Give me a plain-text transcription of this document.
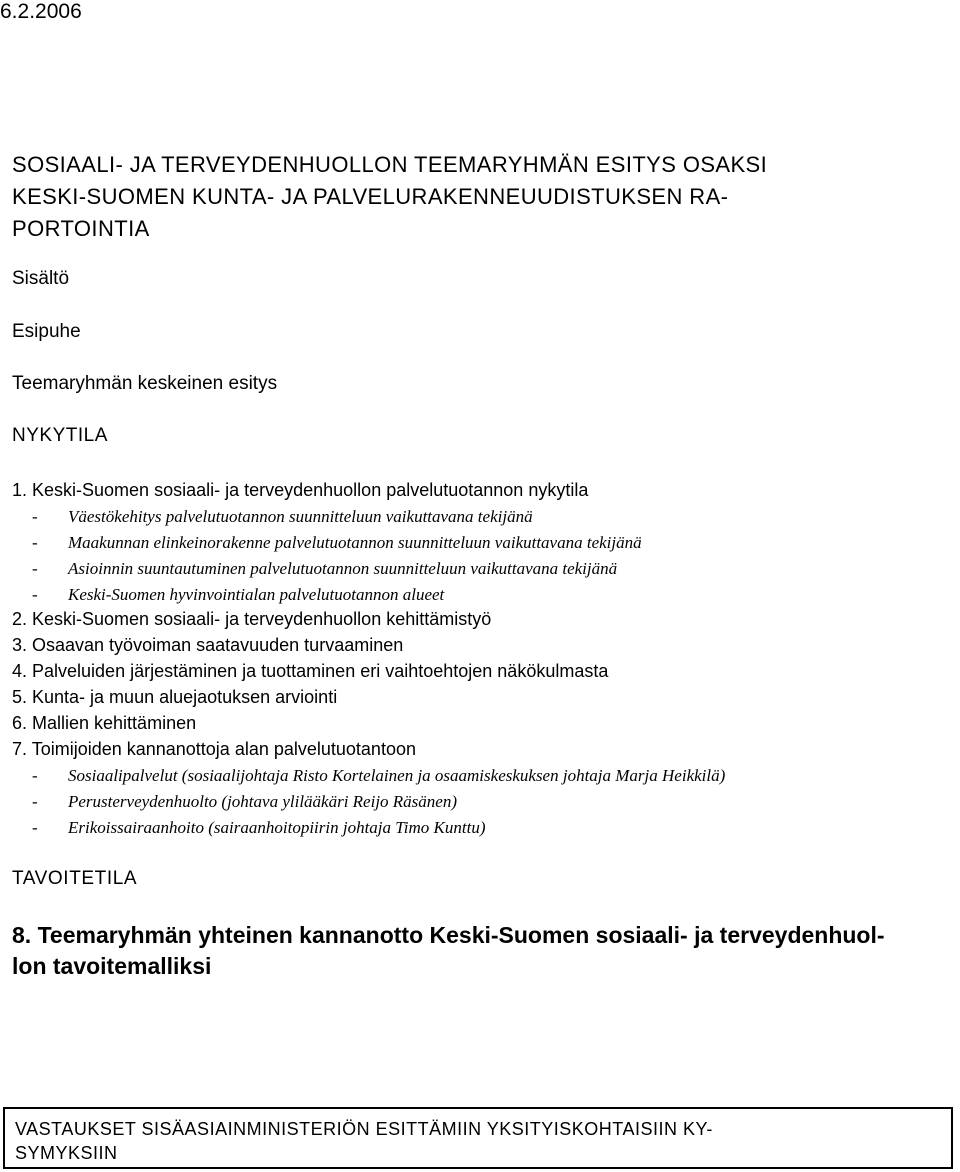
6.2.2006
SOSIAALI- JA TERVEYDENHUOLLON TEEMARYHMÄN ESITYS OSAKSI
KESKI-SUOMEN KUNTA- JA PALVELURAKENNEUUDISTUKSEN RA-
PORTOINTIA
Sisältö
Esipuhe
Teemaryhmän keskeinen esitys
NYKYTILA
1. Keski-Suomen sosiaali- ja terveydenhuollon palvelutuotannon nykytila
- Väestökehitys palvelutuotannon suunnitteluun vaikuttavana tekijänä
- Maakunnan elinkeinorakenne palvelutuotannon suunnitteluun vaikuttavana tekijänä
- Asioinnin suuntautuminen palvelutuotannon suunnitteluun vaikuttavana tekijänä
- Keski-Suomen hyvinvointialan palvelutuotannon alueet
2. Keski-Suomen sosiaali- ja terveydenhuollon kehittämistyö
3. Osaavan työvoiman saatavuuden turvaaminen
4. Palveluiden järjestäminen ja tuottaminen eri vaihtoehtojen näkökulmasta
5. Kunta- ja muun aluejaotuksen arviointi
6. Mallien kehittäminen
7. Toimijoiden kannanottoja alan palvelutuotantoon
- Sosiaalipalvelut (sosiaalijohtaja Risto Kortelainen ja osaamiskeskuksen johtaja Marja Heikkilä)
- Perusterveydenhuolto (johtava ylilääkäri Reijo Räsänen)
- Erikoissairaanhoito (sairaanhoitopiirin johtaja Timo Kunttu)
TAVOITETILA
8. Teemaryhmän yhteinen kannanotto Keski-Suomen sosiaali- ja terveydenhuol-
lon tavoitemalliksi
VASTAUKSET SISÄASIAINMINISTERIÖN ESITTÄMIIN YKSITYISKOHTAISIIN KY-
SYMYKSIIN
